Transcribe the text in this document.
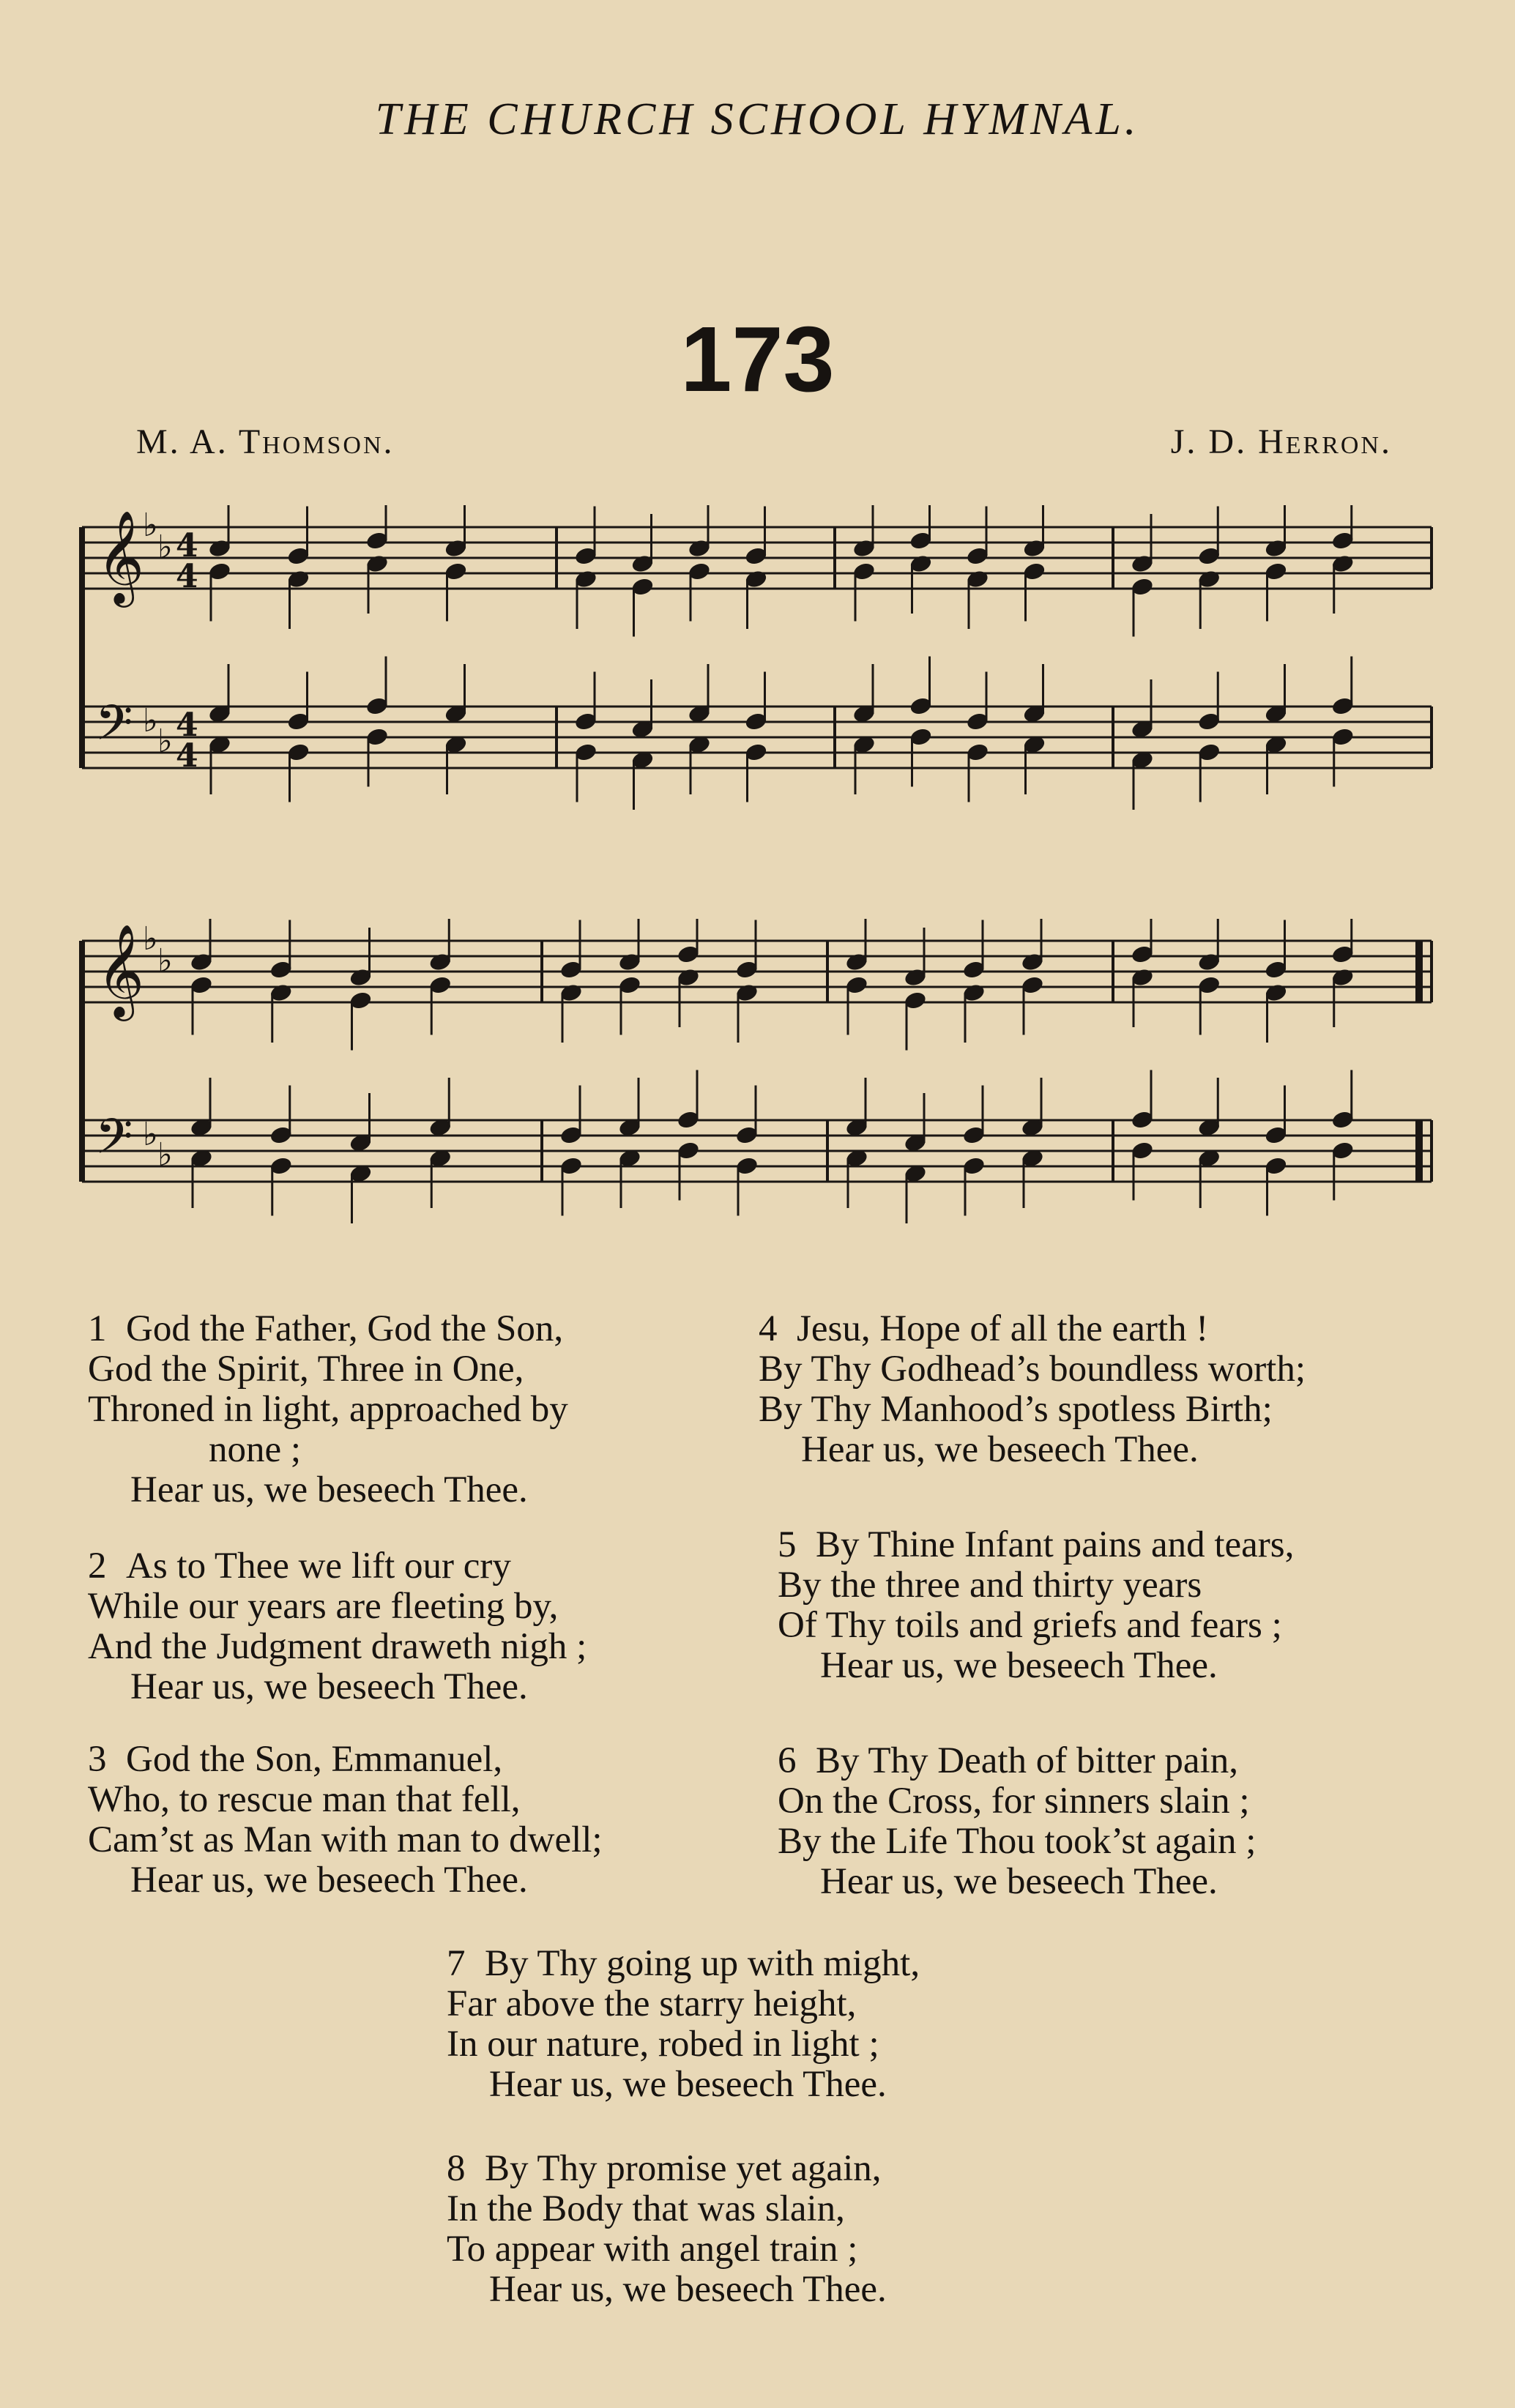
THE CHURCH SCHOOL HYMNAL.
173
M. A. Thomson.	J. D. Herron.
𝄞
𝄢
♭
♭
♭
♭
4
4
4
4
𝄞
𝄢
♭
♭
♭
♭
1 God the Father, God the Son,
God the Spirit, Three in One,
Throned in light, approached by
none ;
Hear us, we beseech Thee.
2 As to Thee we lift our cry
While our years are fleeting by,
And the Judgment draweth nigh ;
Hear us, we beseech Thee.
3 God the Son, Emmanuel,
Who, to rescue man that fell,
Cam’st as Man with man to dwell;
Hear us, we beseech Thee.
4 Jesu, Hope of all the earth !
By Thy Godhead’s boundless worth;
By Thy Manhood’s spotless Birth;
Hear us, we beseech Thee.
5 By Thine Infant pains and tears,
By the three and thirty years
Of Thy toils and griefs and fears ;
Hear us, we beseech Thee.
6 By Thy Death of bitter pain,
On the Cross, for sinners slain ;
By the Life Thou took’st again ;
Hear us, we beseech Thee.
7 By Thy going up with might,
Far above the starry height,
In our nature, robed in light ;
Hear us, we beseech Thee.
8 By Thy promise yet again,
In the Body that was slain,
To appear with angel train ;
Hear us, we beseech Thee.
